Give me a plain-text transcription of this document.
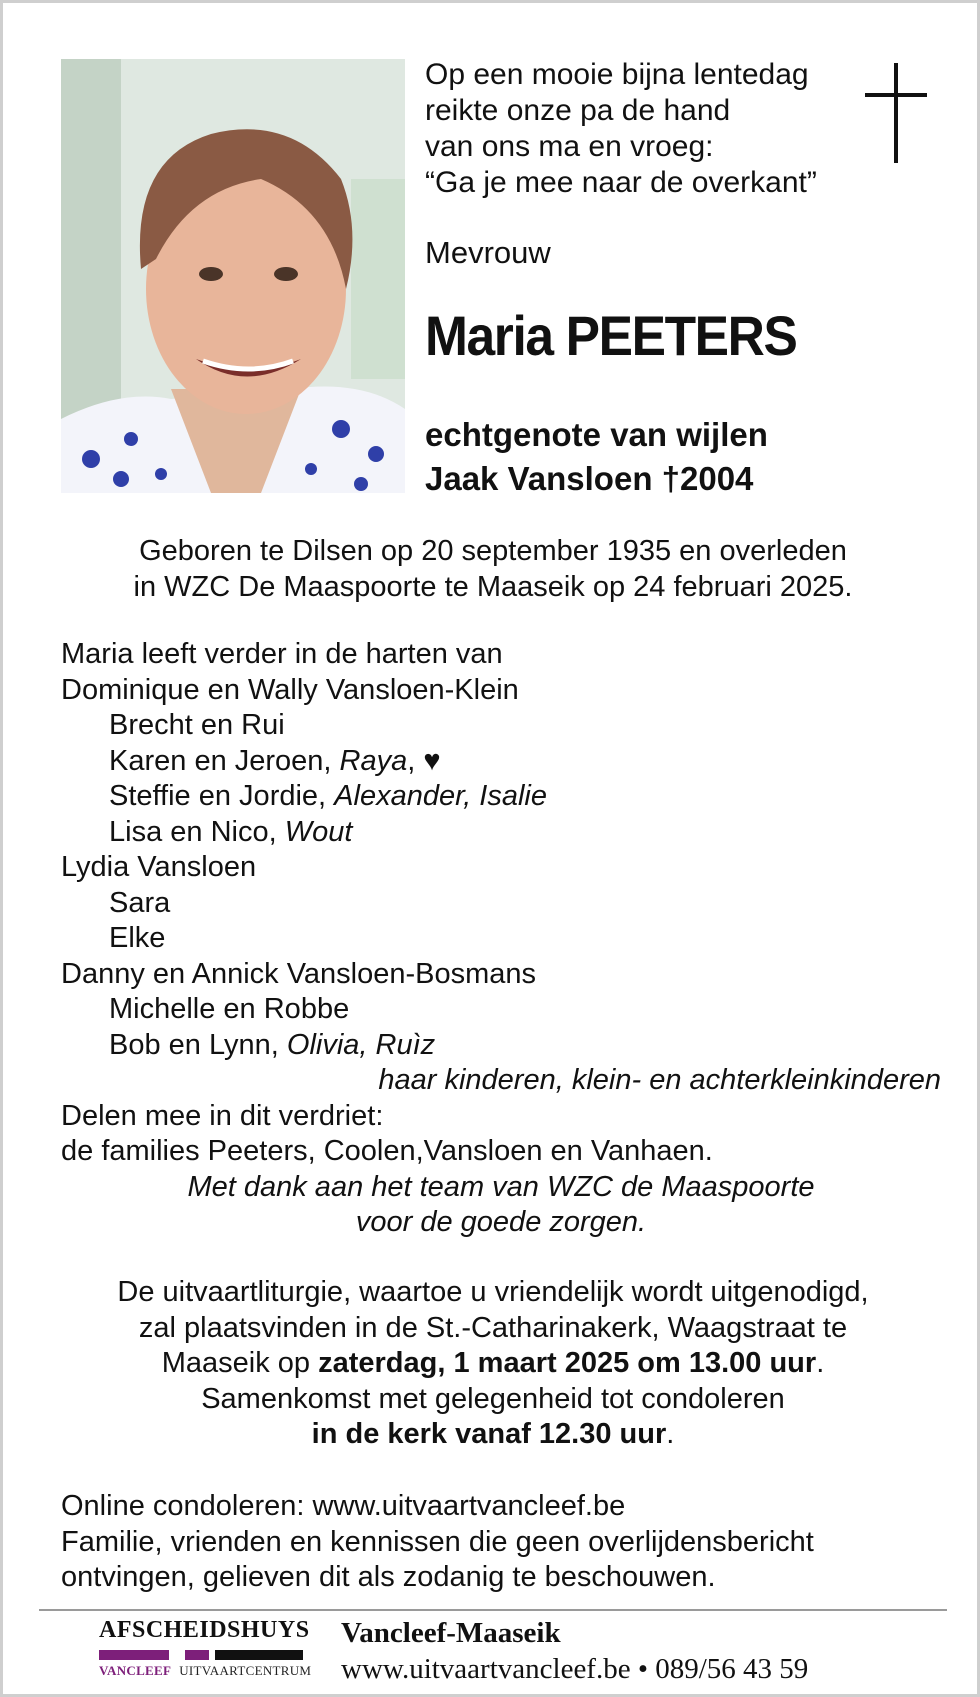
Op een mooie bijna lentedag
reikte onze pa de hand
van ons ma en vroeg:
“Ga je mee naar de overkant”
Mevrouw
Maria PEETERS
echtgenote van wijlen
Jaak Vansloen †2004
Geboren te Dilsen op 20 september 1935 en overleden
in WZC De Maaspoorte te Maaseik op 24 februari 2025.
Maria leeft verder in de harten van
Dominique en Wally Vansloen-Klein
Brecht en Rui
Karen en Jeroen, Raya, ♥
Steffie en Jordie, Alexander, Isalie
Lisa en Nico, Wout
Lydia Vansloen
Sara
Elke
Danny en Annick Vansloen-Bosmans
Michelle en Robbe
Bob en Lynn, Olivia, Ruìz
haar kinderen, klein- en achterkleinkinderen
Delen mee in dit verdriet:
de families Peeters, Coolen,Vansloen en Vanhaen.
Met dank aan het team van WZC de Maaspoorte
voor de goede zorgen.
De uitvaartliturgie, waartoe u vriendelijk wordt uitgenodigd,
zal plaatsvinden in de St.-Catharinakerk, Waagstraat te
Maaseik op zaterdag, 1 maart 2025 om 13.00 uur.
Samenkomst met gelegenheid tot condoleren
in de kerk vanaf 12.30 uur.
Online condoleren: www.uitvaartvancleef.be
Familie, vrienden en kennissen die geen overlijdensbericht
ontvingen, gelieven dit als zodanig te beschouwen.
AFSCHEIDSHUYS
VANCLEEF UITVAARTCENTRUM
Vancleef-Maaseik
www.uitvaartvancleef.be • 089/56 43 59
